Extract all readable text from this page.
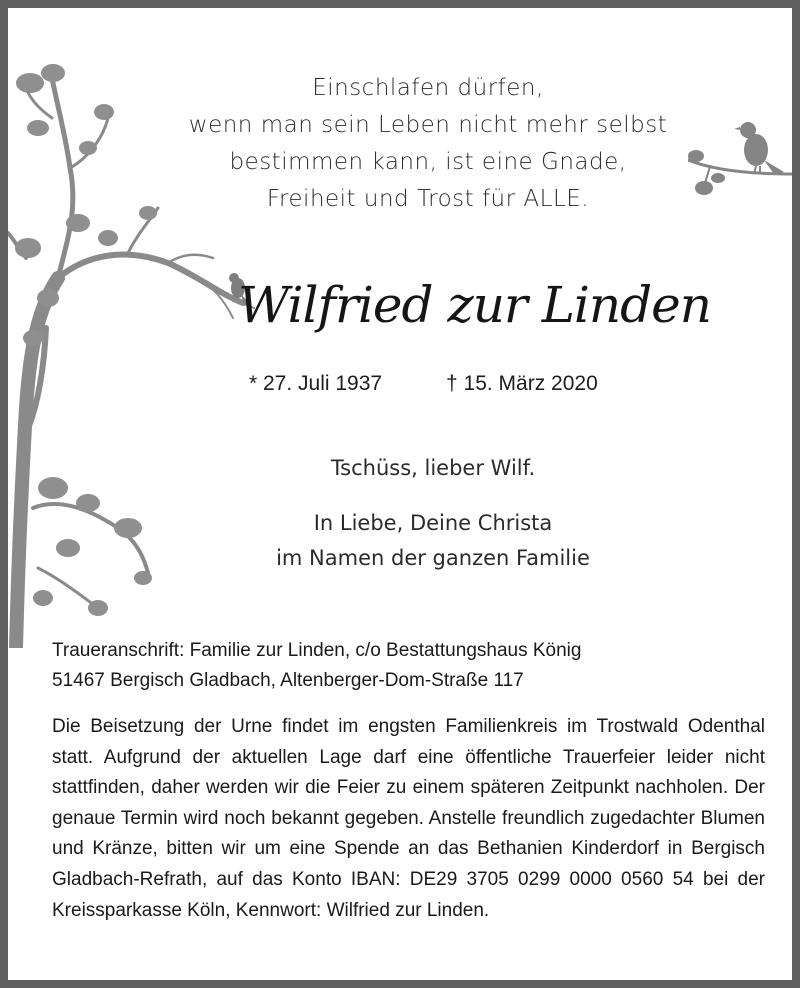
Einschlafen dürfen,
wenn man sein Leben nicht mehr selbst
bestimmen kann, ist eine Gnade,
Freiheit und Trost für ALLE.
Wilfried zur Linden
* 27. Juli 1937	† 15. März 2020
Tschüss, lieber Wilf.
In Liebe, Deine Christa
im Namen der ganzen Familie
Traueranschrift: Familie zur Linden, c/o Bestattungshaus König
51467 Bergisch Gladbach, Altenberger-Dom-Straße 117
Die Beisetzung der Urne findet im engsten Familienkreis im Trostwald Odenthal statt. Aufgrund der aktuellen Lage darf eine öffentliche Trauerfeier leider nicht stattfinden, daher werden wir die Feier zu einem späteren Zeitpunkt nachholen. Der genaue Termin wird noch bekannt gegeben. Anstelle freundlich zugedachter Blumen und Kränze, bitten wir um eine Spende an das Bethanien Kinderdorf in Bergisch Gladbach-Refrath, auf das Konto IBAN: DE29 3705 0299 0000 0560 54 bei der Kreissparkasse Köln, Kennwort: Wilfried zur Linden.
